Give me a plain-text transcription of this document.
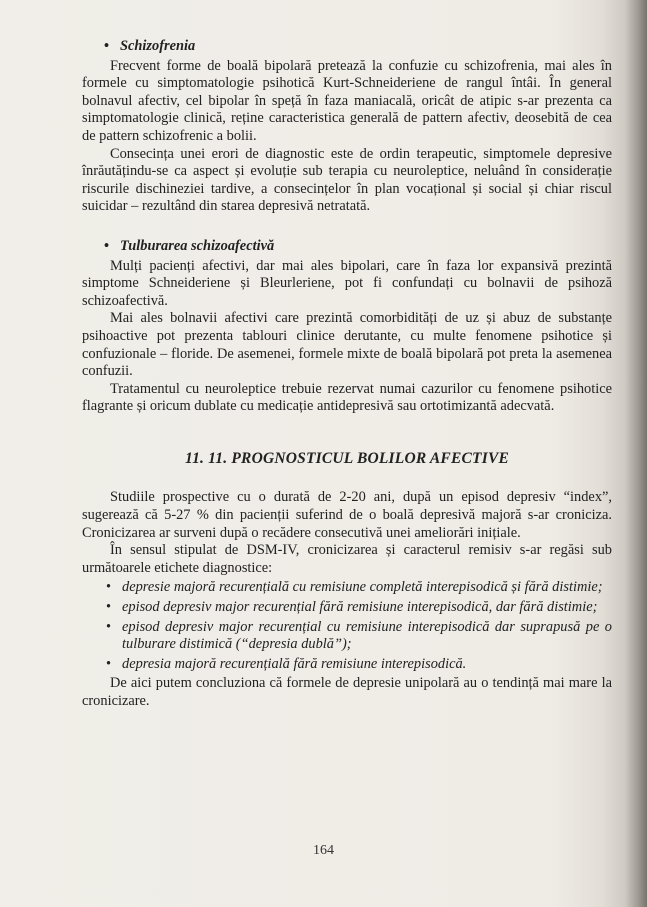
• Schizofrenia

Frecvent forme de boală bipolară pretează la confuzie cu schizofrenia, mai ales în formele cu simptomatologie psihotică Kurt-Schneideriene de rangul întâi. În general bolnavul afectiv, cel bipolar în speță în faza maniacală, oricât de atipic s-ar prezenta ca simptomatologie clinică, reține caracteristica generală de pattern afectiv, deosebită de cea de pattern schizofrenic a bolii.

Consecința unei erori de diagnostic este de ordin terapeutic, simptomele depresive înrăutățindu-se ca aspect și evoluție sub terapia cu neuroleptice, neluând în considerație riscurile dischineziei tardive, a consecințelor în plan vocațional și social și chiar riscul suicidar – rezultând din starea depresivă netratată.

• Tulburarea schizoafectivă

Mulți pacienți afectivi, dar mai ales bipolari, care în faza lor expansivă prezintă simptome Schneideriene și Bleurleriene, pot fi confundați cu bolnavii de psihoză schizoafectivă.

Mai ales bolnavii afectivi care prezintă comorbidități de uz și abuz de substanțe psihoactive pot prezenta tablouri clinice derutante, cu multe fenomene psihotice și confuzionale – floride. De asemenei, formele mixte de boală bipolară pot preta la asemenea confuzii.

Tratamentul cu neuroleptice trebuie rezervat numai cazurilor cu fenomene psihotice flagrante și oricum dublate cu medicație antidepresivă sau ortotimizantă adecvată.

11. 11. PROGNOSTICUL BOLILOR AFECTIVE

Studiile prospective cu o durată de 2-20 ani, după un episod depresiv “index”, sugerează că 5-27 % din pacienții suferind de o boală depresivă majoră s-ar croniciza. Cronicizarea ar surveni după o recădere consecutivă unei ameliorări inițiale.

În sensul stipulat de DSM-IV, cronicizarea și caracterul remisiv s-ar regăsi sub următoarele etichete diagnostice:

• depresie majoră recurențială cu remisiune completă interepisodică și fără distimie;
• episod depresiv major recurențial fără remisiune interepisodică, dar fără distimie;
• episod depresiv major recurențial cu remisiune interepisodică dar suprapusă pe o tulburare distimică (“depresia dublă”);
• depresia majoră recurențială fără remisiune interepisodică.

De aici putem concluziona că formele de depresie unipolară au o tendință mai mare la cronicizare.

164
